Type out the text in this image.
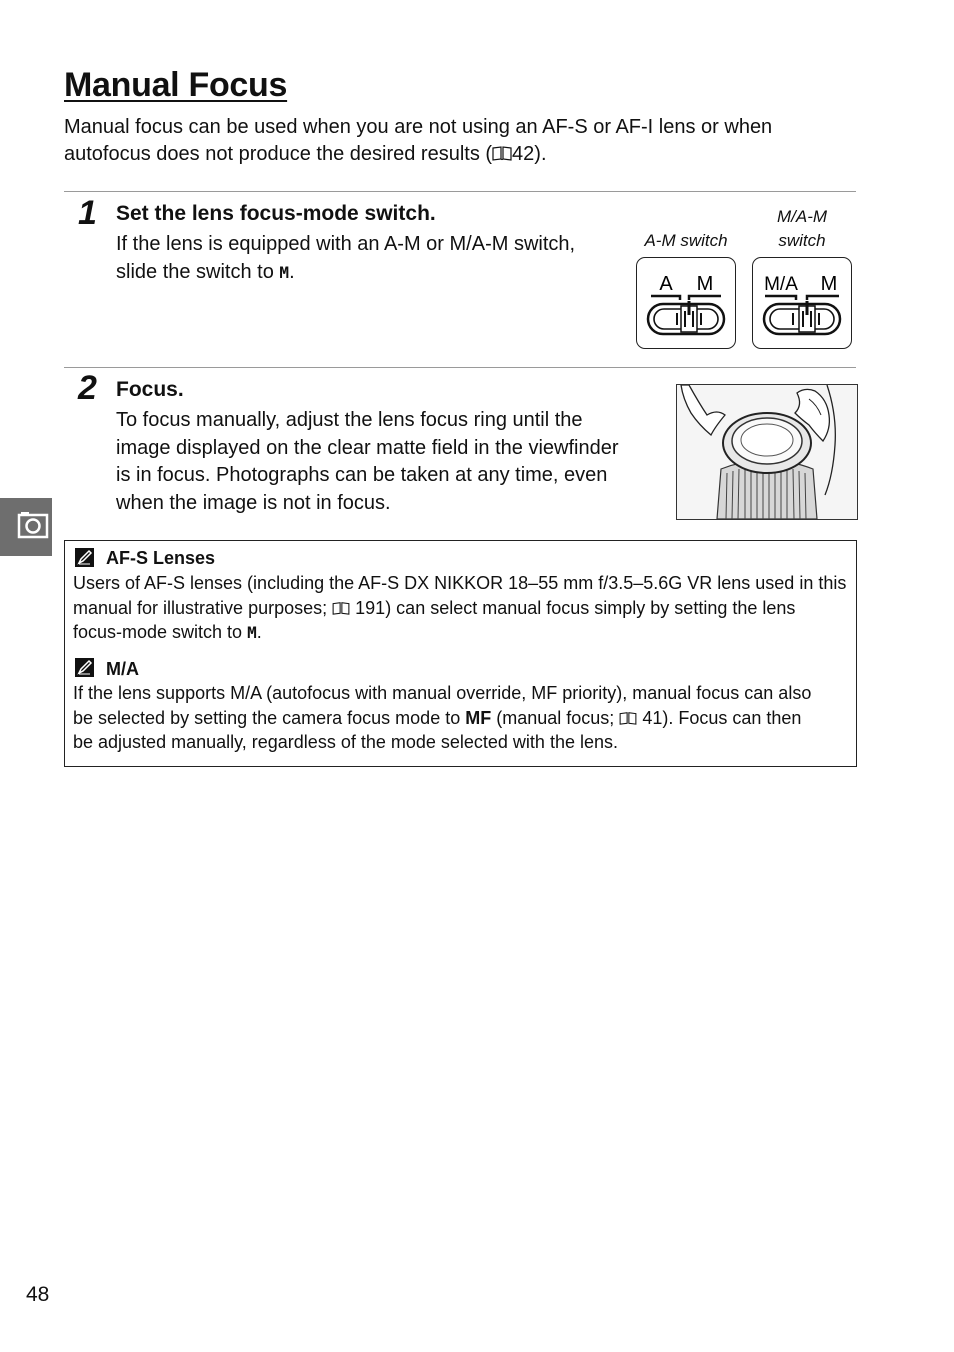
Manual Focus
Manual focus can be used when you are not using an AF-S or AF-I lens or when
autofocus does not produce the desired results ( 42).
1 Set the lens focus-mode switch.
If the lens is equipped with an A-M or M/A-M switch,
slide the switch to M.
A-M switch
M/A-M
switch
A M	M/A M
2 Focus.
To focus manually, adjust the lens focus ring until the
image displayed on the clear matte field in the viewfinder
is in focus. Photographs can be taken at any time, even
when the image is not in focus.
AF-S Lenses
Users of AF-S lenses (including the AF-S DX NIKKOR 18–55 mm f/3.5–5.6G VR lens used in this
manual for illustrative purposes;  191) can select manual focus simply by setting the lens
focus-mode switch to M.
M/A
If the lens supports M/A (autofocus with manual override, MF priority), manual focus can also
be selected by setting the camera focus mode to MF (manual focus;  41). Focus can then
be adjusted manually, regardless of the mode selected with the lens.
48
